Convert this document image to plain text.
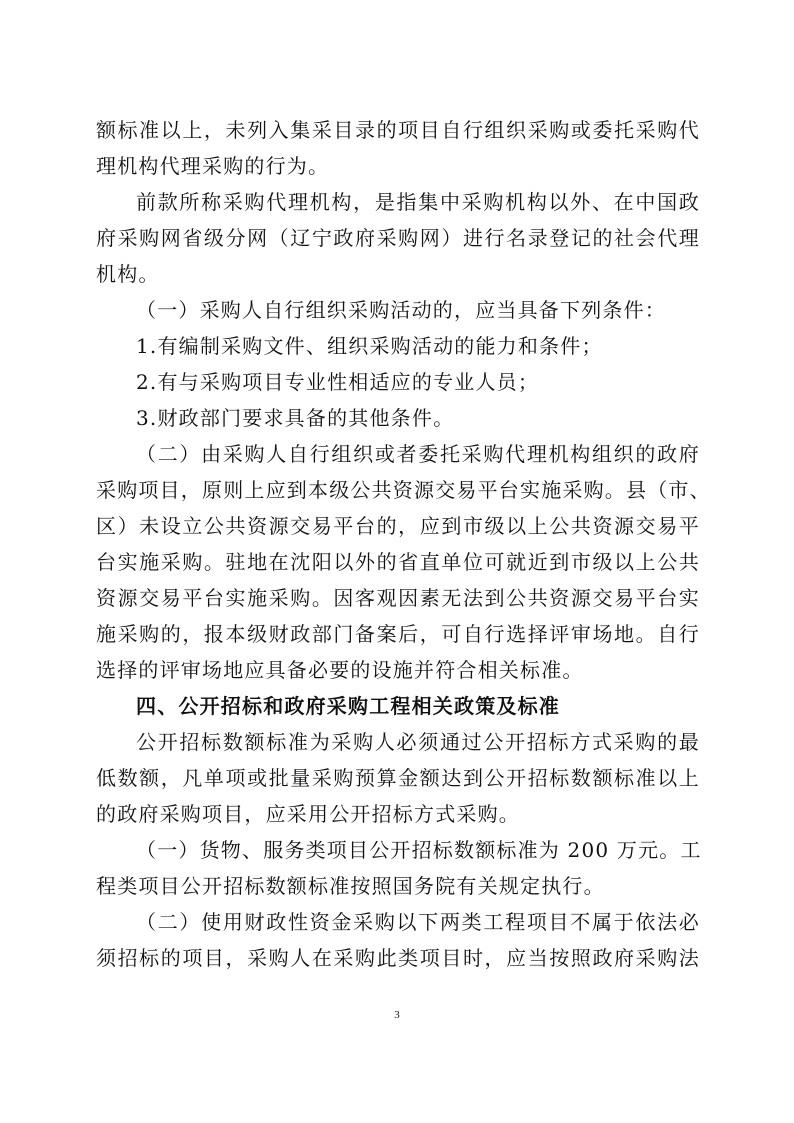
额标准以上，未列入集采目录的项目自行组织采购或委托采购代
理机构代理采购的行为。
前款所称采购代理机构，是指集中采购机构以外、在中国政
府采购网省级分网（辽宁政府采购网）进行名录登记的社会代理
机构。
（一）采购人自行组织采购活动的，应当具备下列条件：
1.有编制采购文件、组织采购活动的能力和条件；
2.有与采购项目专业性相适应的专业人员；
3.财政部门要求具备的其他条件。
（二）由采购人自行组织或者委托采购代理机构组织的政府
采购项目，原则上应到本级公共资源交易平台实施采购。县（市、
区）未设立公共资源交易平台的，应到市级以上公共资源交易平
台实施采购。驻地在沈阳以外的省直单位可就近到市级以上公共
资源交易平台实施采购。因客观因素无法到公共资源交易平台实
施采购的，报本级财政部门备案后，可自行选择评审场地。自行
选择的评审场地应具备必要的设施并符合相关标准。
四、公开招标和政府采购工程相关政策及标准
公开招标数额标准为采购人必须通过公开招标方式采购的最
低数额，凡单项或批量采购预算金额达到公开招标数额标准以上
的政府采购项目，应采用公开招标方式采购。
（一）货物、服务类项目公开招标数额标准为 200 万元。工
程类项目公开招标数额标准按照国务院有关规定执行。
（二）使用财政性资金采购以下两类工程项目不属于依法必
须招标的项目，采购人在采购此类项目时，应当按照政府采购法
3
